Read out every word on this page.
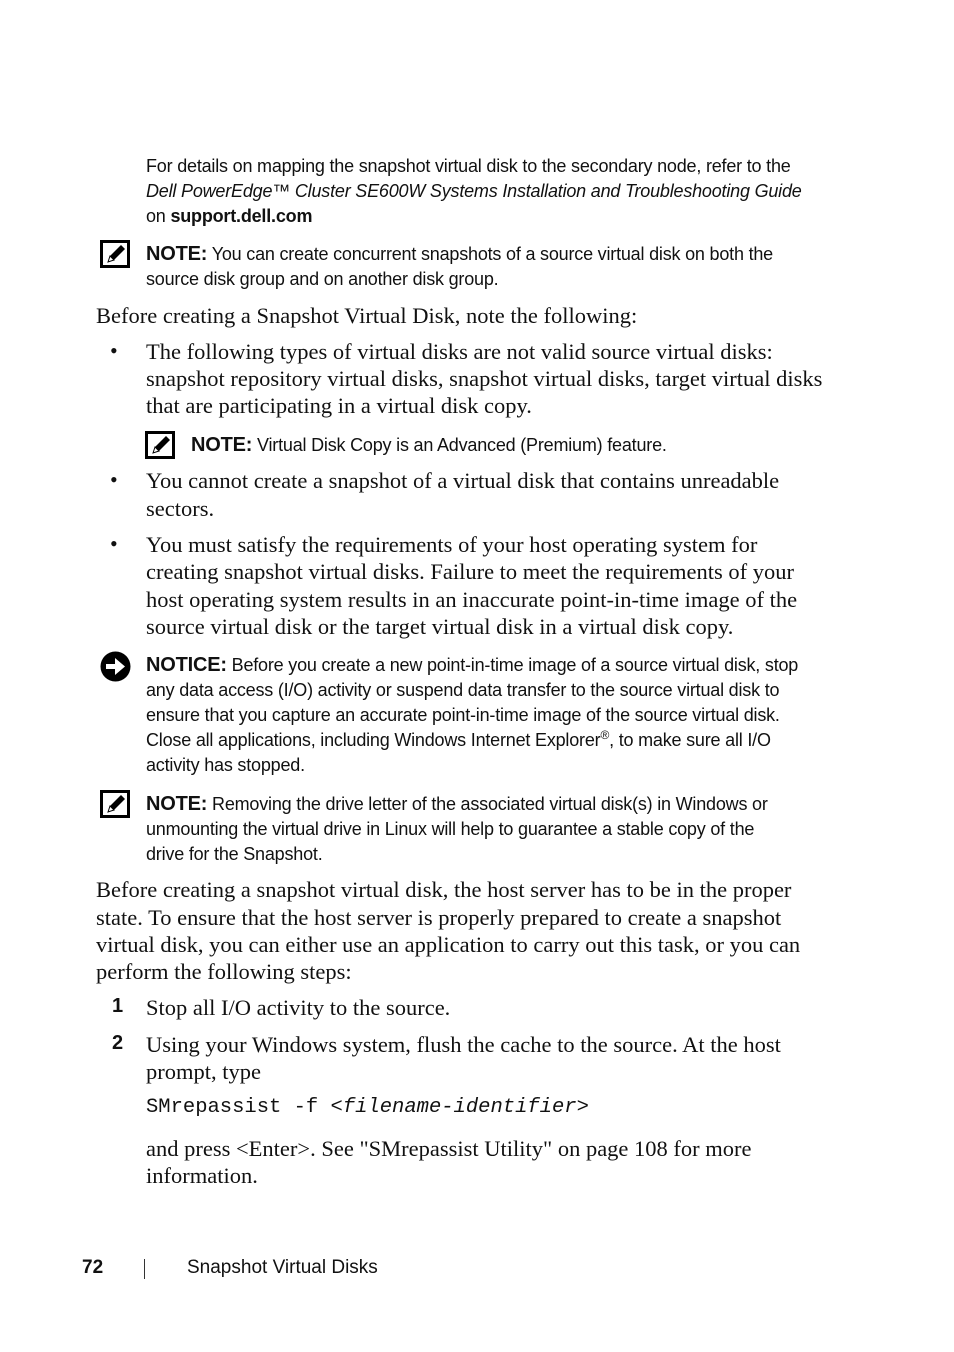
For details on mapping the snapshot virtual disk to the secondary node, refer to the
Dell PowerEdge™ Cluster SE600W Systems Installation and Troubleshooting Guide
on support.dell.com
NOTE: You can create concurrent snapshots of a source virtual disk on both the
source disk group and on another disk group.
Before creating a Snapshot Virtual Disk, note the following:
• The following types of virtual disks are not valid source virtual disks:
snapshot repository virtual disks, snapshot virtual disks, target virtual disks
that are participating in a virtual disk copy.
NOTE: Virtual Disk Copy is an Advanced (Premium) feature.
• You cannot create a snapshot of a virtual disk that contains unreadable
sectors.
• You must satisfy the requirements of your host operating system for
creating snapshot virtual disks. Failure to meet the requirements of your
host operating system results in an inaccurate point-in-time image of the
source virtual disk or the target virtual disk in a virtual disk copy.
NOTICE: Before you create a new point-in-time image of a source virtual disk, stop
any data access (I/O) activity or suspend data transfer to the source virtual disk to
ensure that you capture an accurate point-in-time image of the source virtual disk.
Close all applications, including Windows Internet Explorer®, to make sure all I/O
activity has stopped.
NOTE: Removing the drive letter of the associated virtual disk(s) in Windows or
unmounting the virtual drive in Linux will help to guarantee a stable copy of the
drive for the Snapshot.
Before creating a snapshot virtual disk, the host server has to be in the proper
state. To ensure that the host server is properly prepared to create a snapshot
virtual disk, you can either use an application to carry out this task, or you can
perform the following steps:
1 Stop all I/O activity to the source.
2 Using your Windows system, flush the cache to the source. At the host
prompt, type
SMrepassist -f <filename-identifier>
and press <Enter>. See "SMrepassist Utility" on page 108 for more
information.
72	Snapshot Virtual Disks
